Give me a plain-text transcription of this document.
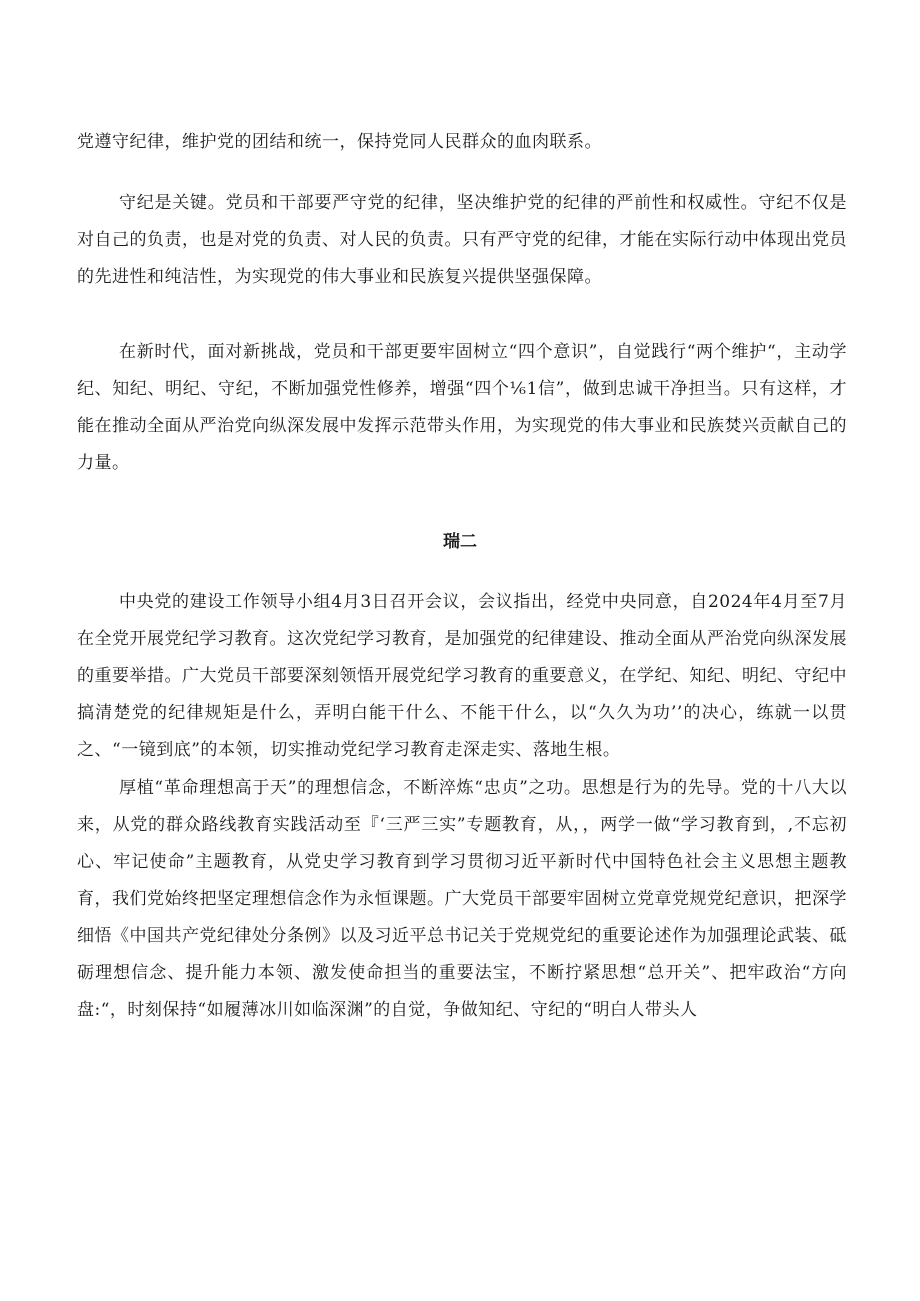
党遵守纪律，维护党的团结和统一，保持党同人民群众的血肉联系。

守纪是关键。党员和干部要严守党的纪律，坚决维护党的纪律的严前性和权威性。守纪不仅是对自己的负责，也是对党的负责、对人民的负责。只有严守党的纪律，才能在实际行动中体现出党员的先进性和纯洁性，为实现党的伟大事业和民族复兴提供坚强保障。

在新时代，面对新挑战，党员和干部更要牢固树立“四个意识”，自觉践行“两个维护“，主动学纪、知纪、明纪、守纪，不断加强党性修养，增强“四个⅙1信”，做到忠诚干净担当。只有这样，才能在推动全面从严治党向纵深发展中发挥示范带头作用，为实现党的伟大事业和民族焚兴贡献自己的力量。

瑞二

中央党的建设工作领导小组4月3日召开会议，会议指出，经党中央同意，自2024年4月至7月在全党开展党纪学习教育。这次党纪学习教育，是加强党的纪律建设、推动全面从严治党向纵深发展的重要举措。广大党员干部要深刻领悟开展党纪学习教育的重要意义，在学纪、知纪、明纪、守纪中搞清楚党的纪律规矩是什么，弄明白能干什么、不能干什么，以“久久为功’’的决心，练就一以贯之、“一镜到底”的本领，切实推动党纪学习教育走深走实、落地生根。

厚植“革命理想高于天”的理想信念，不断淬炼“忠贞”之功。思想是行为的先导。党的十八大以来，从党的群众路线教育实践活动至『‘三严三实”专题教育，从，，两学一做“学习教育到，,不忘初心、牢记使命”主题教育，从党史学习教育到学习贯彻习近平新时代中国特色社会主义思想主题教育，我们党始终把坚定理想信念作为永恒课题。广大党员干部要牢固树立党章党规党纪意识，把深学细悟《中国共产党纪律处分条例》以及习近平总书记关于党规党纪的重要论述作为加强理论武装、砥砺理想信念、提升能力本领、激发使命担当的重要法宝，不断拧紧思想“总开关”、把牢政治“方向盘:“，时刻保持“如履薄冰川如临深渊”的自觉，争做知纪、守纪的“明白人带头人
